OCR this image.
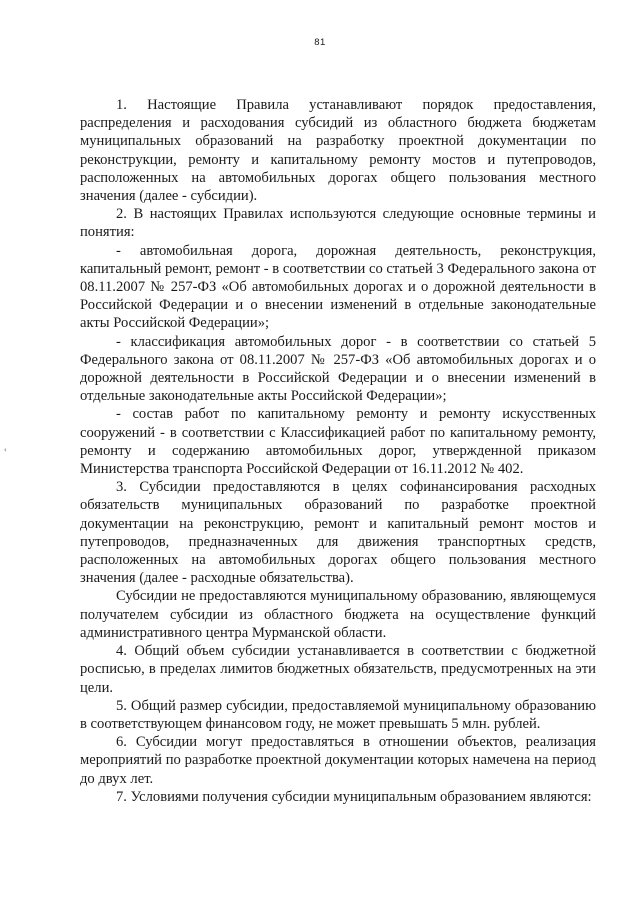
81
‹

1. Настоящие Правила устанавливают порядок предоставления, распределения и расходования субсидий из областного бюджета бюджетам муниципальных образований на разработку проектной документации по реконструкции, ремонту и капитальному ремонту мостов и путепроводов, расположенных на автомобильных дорогах общего пользования местного значения (далее - субсидии).

2. В настоящих Правилах используются следующие основные термины и понятия:

- автомобильная дорога, дорожная деятельность, реконструкция, капитальный ремонт, ремонт - в соответствии со статьей 3 Федерального закона от 08.11.2007 № 257-ФЗ «Об автомобильных дорогах и о дорожной деятельности в Российской Федерации и о внесении изменений в отдельные законодательные акты Российской Федерации»;

- классификация автомобильных дорог - в соответствии со статьей 5 Федерального закона от 08.11.2007 № 257-ФЗ «Об автомобильных дорогах и о дорожной деятельности в Российской Федерации и о внесении изменений в отдельные законодательные акты Российской Федерации»;

- состав работ по капитальному ремонту и ремонту искусственных сооружений - в соответствии с Классификацией работ по капитальному ремонту, ремонту и содержанию автомобильных дорог, утвержденной приказом Министерства транспорта Российской Федерации от 16.11.2012 № 402.

3. Субсидии предоставляются в целях софинансирования расходных обязательств муниципальных образований по разработке проектной документации на реконструкцию, ремонт и капитальный ремонт мостов и путепроводов, предназначенных для движения транспортных средств, расположенных на автомобильных дорогах общего пользования местного значения (далее - расходные обязательства).

Субсидии не предоставляются муниципальному образованию, являющемуся получателем субсидии из областного бюджета на осуществление функций административного центра Мурманской области.

4. Общий объем субсидии устанавливается в соответствии с бюджетной росписью, в пределах лимитов бюджетных обязательств, предусмотренных на эти цели.

5. Общий размер субсидии, предоставляемой муниципальному образованию в соответствующем финансовом году, не может превышать 5 млн. рублей.

6. Субсидии могут предоставляться в отношении объектов, реализация мероприятий по разработке проектной документации которых намечена на период до двух лет.

7. Условиями получения субсидии муниципальным образованием являются:
